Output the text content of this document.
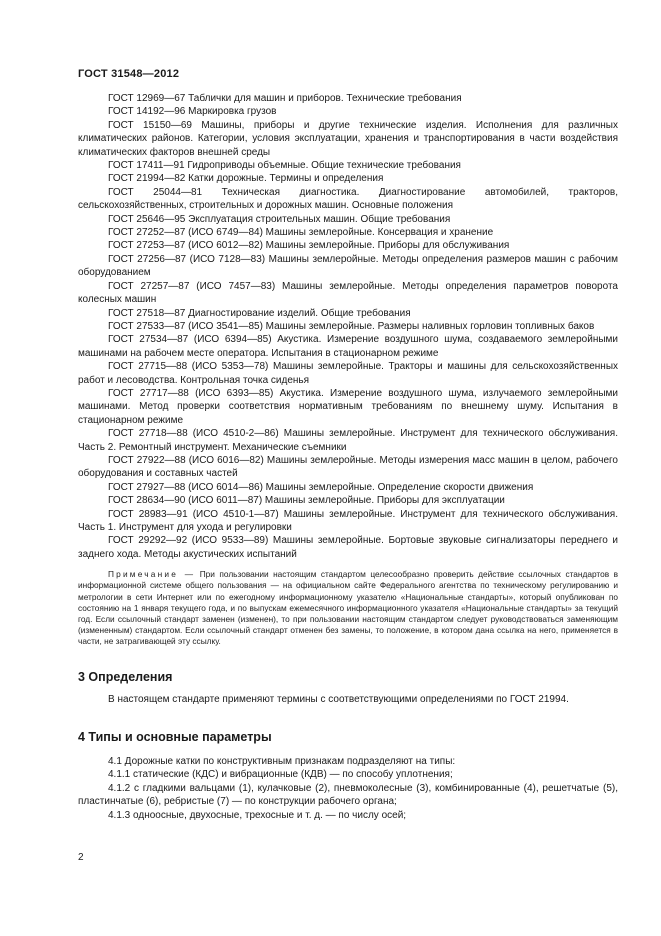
ГОСТ 31548—2012

ГОСТ 12969—67 Таблички для машин и приборов. Технические требования

ГОСТ 14192—96 Маркировка грузов

ГОСТ 15150—69 Машины, приборы и другие технические изделия. Исполнения для различных климатических районов. Категории, условия эксплуатации, хранения и транспортирования в части воздействия климатических факторов внешней среды

ГОСТ 17411—91 Гидроприводы объемные. Общие технические требования

ГОСТ 21994—82 Катки дорожные. Термины и определения

ГОСТ 25044—81 Техническая диагностика. Диагностирование автомобилей, тракторов, сельскохозяйственных, строительных и дорожных машин. Основные положения

ГОСТ 25646—95 Эксплуатация строительных машин. Общие требования

ГОСТ 27252—87 (ИСО 6749—84) Машины землеройные. Консервация и хранение

ГОСТ 27253—87 (ИСО 6012—82) Машины землеройные. Приборы для обслуживания

ГОСТ 27256—87 (ИСО 7128—83) Машины землеройные. Методы определения размеров машин с рабочим оборудованием

ГОСТ 27257—87 (ИСО 7457—83) Машины землеройные. Методы определения параметров поворота колесных машин

ГОСТ 27518—87 Диагностирование изделий. Общие требования

ГОСТ 27533—87 (ИСО 3541—85) Машины землеройные. Размеры наливных горловин топливных баков

ГОСТ 27534—87 (ИСО 6394—85) Акустика. Измерение воздушного шума, создаваемого землеройными машинами на рабочем месте оператора. Испытания в стационарном режиме

ГОСТ 27715—88 (ИСО 5353—78) Машины землеройные. Тракторы и машины для сельскохозяйственных работ и лесоводства. Контрольная точка сиденья

ГОСТ 27717—88 (ИСО 6393—85) Акустика. Измерение воздушного шума, излучаемого землеройными машинами. Метод проверки соответствия нормативным требованиям по внешнему шуму. Испытания в стационарном режиме

ГОСТ 27718—88 (ИСО 4510-2—86) Машины землеройные. Инструмент для технического обслуживания. Часть 2. Ремонтный инструмент. Механические съемники

ГОСТ 27922—88 (ИСО 6016—82) Машины землеройные. Методы измерения масс машин в целом, рабочего оборудования и составных частей

ГОСТ 27927—88 (ИСО 6014—86) Машины землеройные. Определение скорости движения

ГОСТ 28634—90 (ИСО 6011—87) Машины землеройные. Приборы для эксплуатации

ГОСТ 28983—91 (ИСО 4510-1—87) Машины землеройные. Инструмент для технического обслуживания. Часть 1. Инструмент для ухода и регулировки

ГОСТ 29292—92 (ИСО 9533—89) Машины землеройные. Бортовые звуковые сигнализаторы переднего и заднего хода. Методы акустических испытаний

Примечание — При пользовании настоящим стандартом целесообразно проверить действие ссылочных стандартов в информационной системе общего пользования — на официальном сайте Федерального агентства по техническому регулированию и метрологии в сети Интернет или по ежегодному информационному указателю «Национальные стандарты», который опубликован по состоянию на 1 января текущего года, и по выпускам ежемесячного информационного указателя «Национальные стандарты» за текущий год. Если ссылочный стандарт заменен (изменен), то при пользовании настоящим стандартом следует руководствоваться заменяющим (измененным) стандартом. Если ссылочный стандарт отменен без замены, то положение, в котором дана ссылка на него, применяется в части, не затрагивающей эту ссылку.
3 Определения

В настоящем стандарте применяют термины с соответствующими определениями по ГОСТ 21994.

4 Типы и основные параметры

4.1 Дорожные катки по конструктивным признакам подразделяют на типы:

4.1.1 статические (КДС) и вибрационные (КДВ) — по способу уплотнения;

4.1.2 с гладкими вальцами (1), кулачковые (2), пневмоколесные (3), комбинированные (4), решетчатые (5), пластинчатые (6), ребристые (7) — по конструкции рабочего органа;

4.1.3 одноосные, двухосные, трехосные и т. д. — по числу осей;

2
